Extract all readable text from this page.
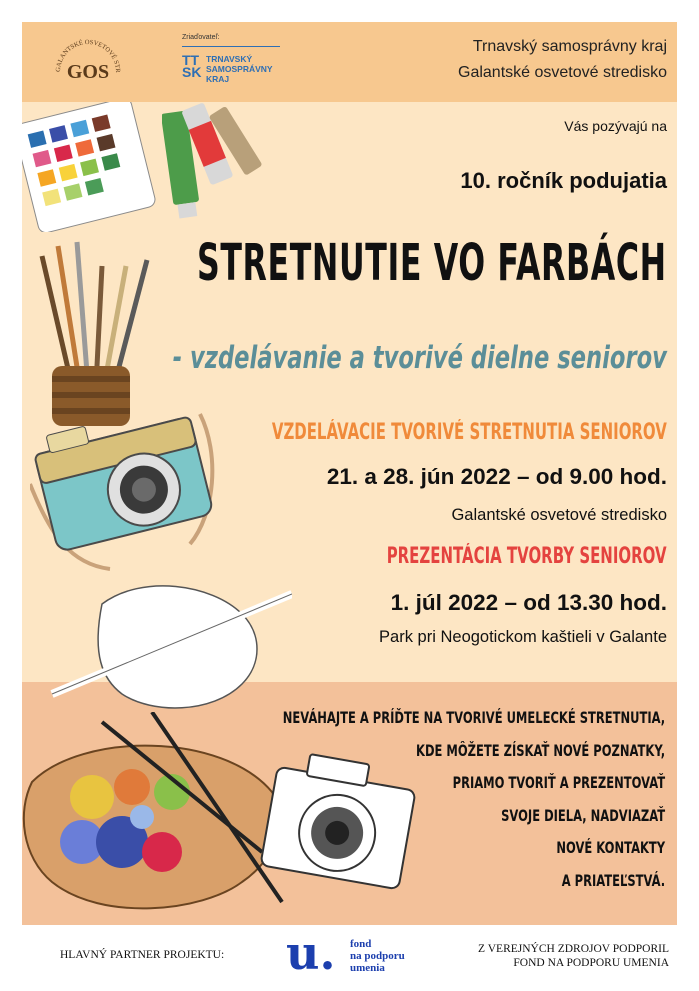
GALANTSKÉ OSVETOVÉ STR
GOS
Zriaďovateľ:
TT
SK
TRNAVSKÝ
SAMOSPRÁVNY
KRAJ
Trnavský samosprávny kraj
Galantské osvetové stredisko
Vás pozývajú na
10. ročník podujatia
STRETNUTIE VO FARBÁCH
- vzdelávanie a tvorivé dielne seniorov
VZDELÁVACIE TVORIVÉ STRETNUTIA SENIOROV
21. a 28. jún 2022 – od 9.00 hod.
Galantské osvetové stredisko
PREZENTÁCIA TVORBY SENIOROV
1. júl 2022 – od 13.30 hod.
Park pri Neogotickom kaštieli v Galante
NEVÁHAJTE A PRÍĎTE NA TVORIVÉ UMELECKÉ STRETNUTIA,
KDE MÔŽETE ZÍSKAŤ NOVÉ POZNATKY,
PRIAMO TVORIŤ A PREZENTOVAŤ
SVOJE DIELA, NADVIAZAŤ
NOVÉ KONTAKTY
A PRIATEĽSTVÁ.
HLAVNÝ PARTNER PROJEKTU: u. fond
na podporu
umenia
Z VEREJNÝCH ZDROJOV PODPORIL
FOND NA PODPORU UMENIA
